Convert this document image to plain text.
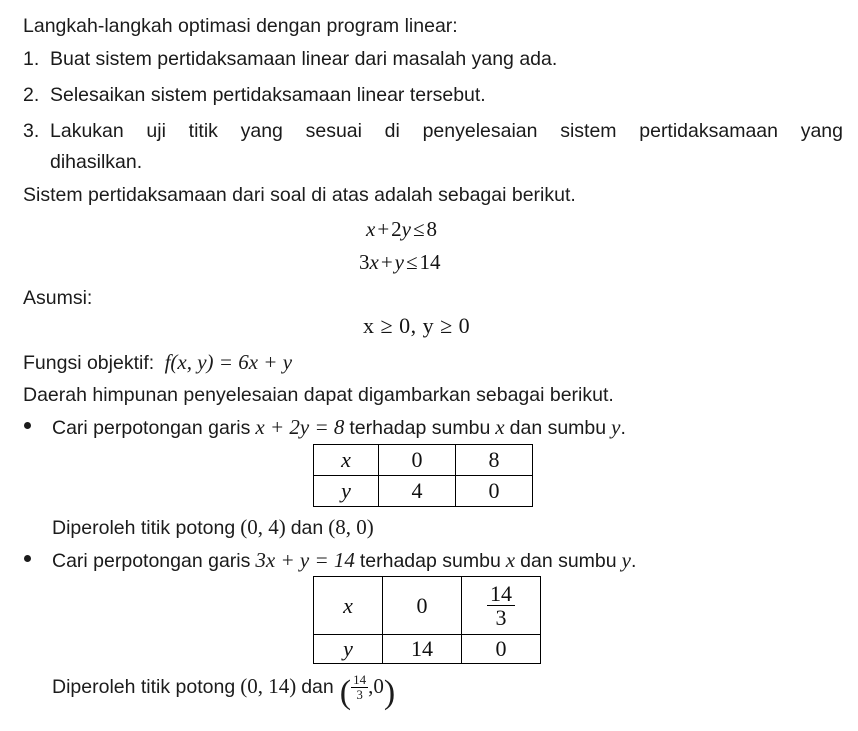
Langkah-langkah optimasi dengan program linear:
1. Buat sistem pertidaksamaan linear dari masalah yang ada.
2. Selesaikan sistem pertidaksamaan linear tersebut.
3. Lakukan uji titik yang sesuai di penyelesaian sistem pertidaksamaan yang
dihasilkan.
Sistem pertidaksamaan dari soal di atas adalah sebagai berikut.
x+2y≤8
3x+y≤14
Asumsi:
x ≥ 0, y ≥ 0
Fungsi objektif: f(x, y) = 6x + y
Daerah himpunan penyelesaian dapat digambarkan sebagai berikut.
Cari perpotongan garis x + 2y = 8 terhadap sumbu x dan sumbu y.
x	0	8
y	4	0
Diperoleh titik potong (0, 4) dan (8, 0)
Cari perpotongan garis 3x + y = 14 terhadap sumbu x dan sumbu y.
x	0	$\frac{14}{3}$

y	14	0
Diperoleh titik potong (0, 14) dan ( $\frac{14}{3} ,0$)
